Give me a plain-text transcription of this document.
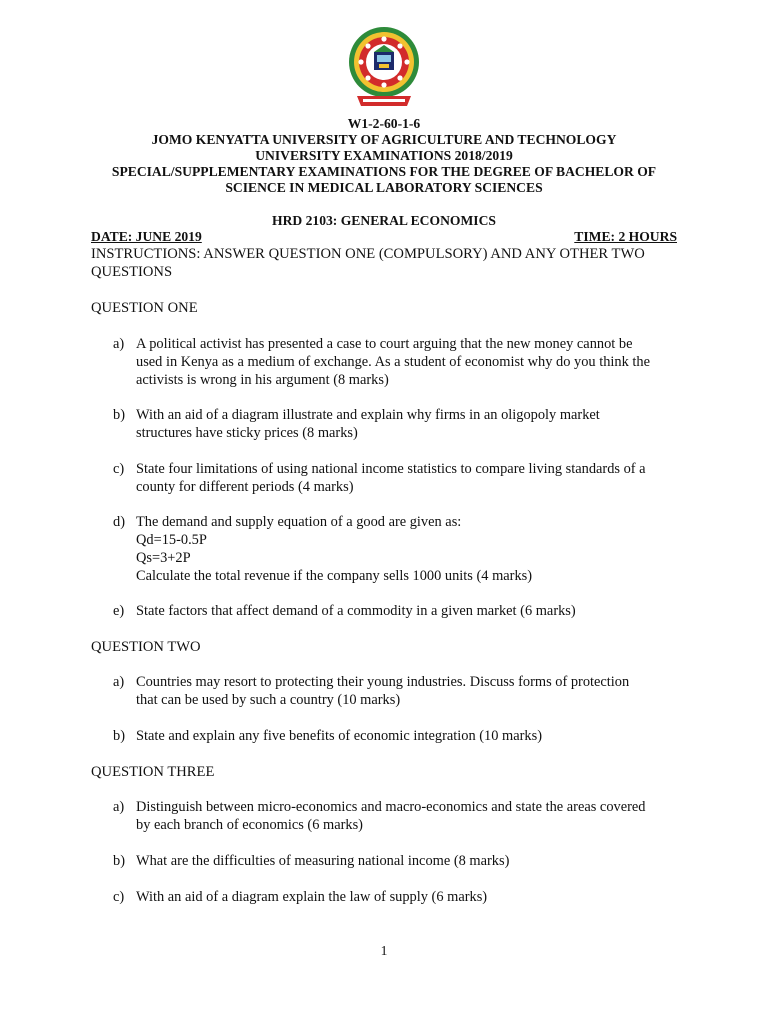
W1-2-60-1-6
JOMO KENYATTA UNIVERSITY OF AGRICULTURE AND TECHNOLOGY
UNIVERSITY EXAMINATIONS 2018/2019
SPECIAL/SUPPLEMENTARY EXAMINATIONS FOR THE DEGREE OF BACHELOR OF
SCIENCE IN MEDICAL LABORATORY SCIENCES
HRD 2103: GENERAL ECONOMICS
DATE: JUNE 2019	TIME: 2 HOURS
INSTRUCTIONS: ANSWER QUESTION ONE (COMPULSORY) AND ANY OTHER TWO
QUESTIONS
QUESTION ONE
a) A political activist has presented a case to court arguing that the new money cannot be
used in Kenya as a medium of exchange. As a student of economist why do you think the
activists is wrong in his argument (8 marks)
b) With an aid of a diagram illustrate and explain why firms in an oligopoly market
structures have sticky prices (8 marks)
c) State four limitations of using national income statistics to compare living standards of a
county for different periods (4 marks)
d) The demand and supply equation of a good are given as:
Qd=15-0.5P
Qs=3+2P
Calculate the total revenue if the company sells 1000 units (4 marks)
e) State factors that affect demand of a commodity in a given market (6 marks)
QUESTION TWO
a) Countries may resort to protecting their young industries. Discuss forms of protection
that can be used by such a country (10 marks)
b) State and explain any five benefits of economic integration (10 marks)
QUESTION THREE
a) Distinguish between micro-economics and macro-economics and state the areas covered
by each branch of economics (6 marks)
b) What are the difficulties of measuring national income (8 marks)
c) With an aid of a diagram explain the law of supply (6 marks)
1
